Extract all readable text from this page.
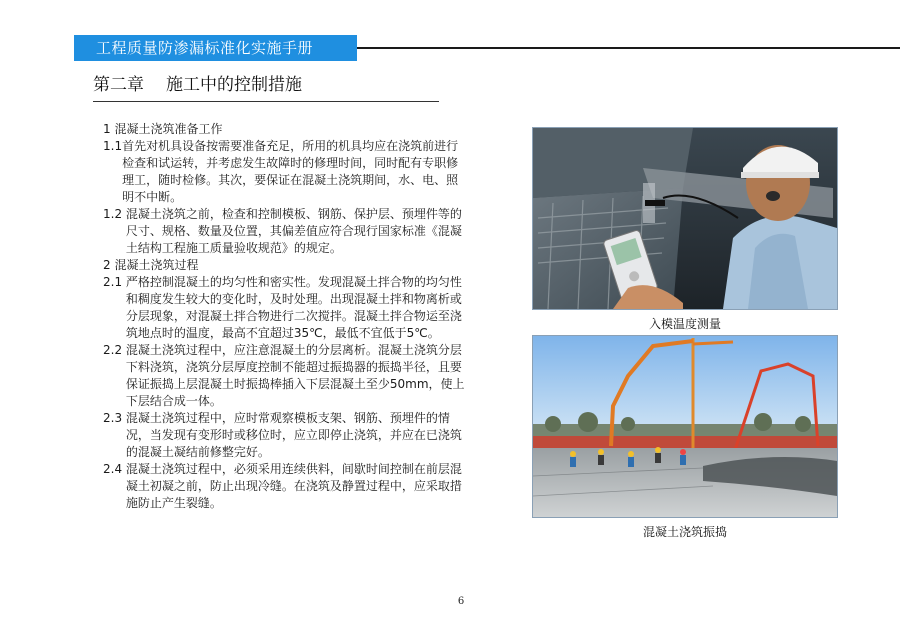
工程质量防渗漏标准化实施手册
第二章 施工中的控制措施
1 混凝土浇筑准备工作
1.1 首先对机具设备按需要准备充足，所用的机具均应在浇筑前进行检查和试运转，并考虑发生故障时的修理时间，同时配有专职修理工，随时检修。其次，要保证在混凝土浇筑期间，水、电、照明不中断。
1.2 混凝土浇筑之前，检查和控制模板、钢筋、保护层、预埋件等的尺寸、规格、数量及位置，其偏差值应符合现行国家标准《混凝土结构工程施工质量验收规范》的规定。
2 混凝土浇筑过程
2.1 严格控制混凝土的均匀性和密实性。发现混凝土拌合物的均匀性和稠度发生较大的变化时，及时处理。出现混凝土拌和物离析或分层现象，对混凝土拌合物进行二次搅拌。混凝土拌合物运至浇筑地点时的温度，最高不宜超过35℃，最低不宜低于5℃。
2.2 混凝土浇筑过程中，应注意混凝土的分层离析。混凝土浇筑分层下料浇筑，浇筑分层厚度控制不能超过振捣器的振捣半径，且要保证振捣上层混凝土时振捣棒插入下层混凝土至少50mm，使上下层结合成一体。
2.3 混凝土浇筑过程中，应时常观察模板支架、钢筋、预埋件的情况，当发现有变形时或移位时，应立即停止浇筑，并应在已浇筑的混凝土凝结前修整完好。
2.4 混凝土浇筑过程中，必须采用连续供料，间歇时间控制在前层混凝土初凝之前，防止出现冷缝。在浇筑及静置过程中，应采取措施防止产生裂缝。
入模温度测量
混凝土浇筑振捣
6
